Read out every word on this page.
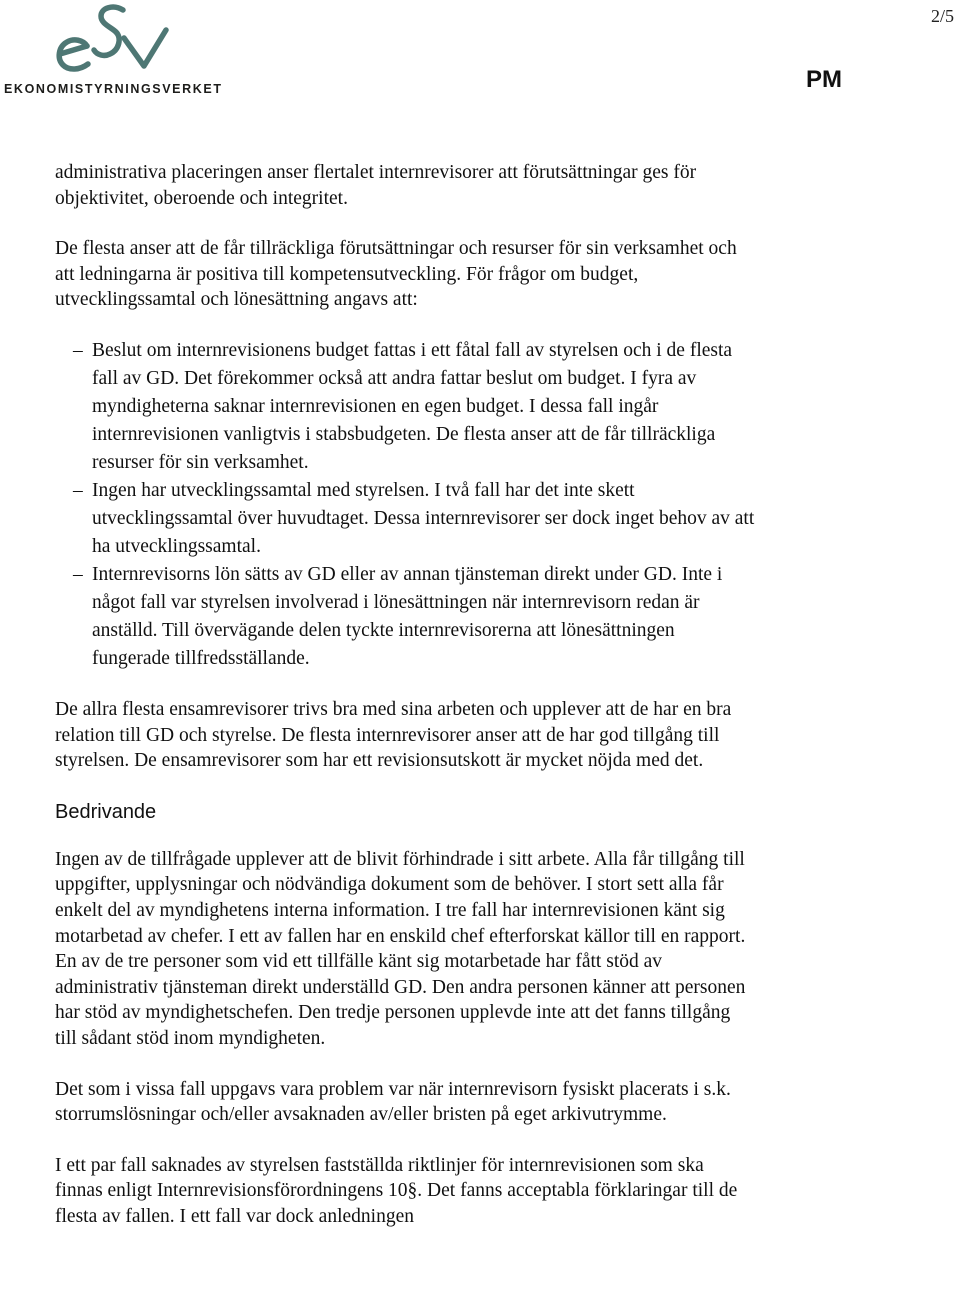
EKONOMISTYRNINGSVERKET
2/5
PM

administrativa placeringen anser flertalet internrevisorer att förutsättningar ges för objektivitet, oberoende och integritet.

De flesta anser att de får tillräckliga förutsättningar och resurser för sin verksamhet och att ledningarna är positiva till kompetensutveckling. För frågor om budget, utvecklingssamtal och lönesättning angavs att:

– Beslut om internrevisionens budget fattas i ett fåtal fall av styrelsen och i de flesta fall av GD. Det förekommer också att andra fattar beslut om budget. I fyra av myndigheterna saknar internrevisionen en egen budget. I dessa fall ingår internrevisionen vanligtvis i stabsbudgeten. De flesta anser att de får tillräckliga resurser för sin verksamhet.
– Ingen har utvecklingssamtal med styrelsen. I två fall har det inte skett utvecklingssamtal över huvudtaget. Dessa internrevisorer ser dock inget behov av att ha utvecklingssamtal.
– Internrevisorns lön sätts av GD eller av annan tjänsteman direkt under GD. Inte i något fall var styrelsen involverad i lönesättningen när internrevisorn redan är anställd. Till övervägande delen tyckte internrevisorerna att lönesättningen fungerade tillfredsställande.

De allra flesta ensamrevisorer trivs bra med sina arbeten och upplever att de har en bra relation till GD och styrelse. De flesta internrevisorer anser att de har god tillgång till styrelsen. De ensamrevisorer som har ett revisionsutskott är mycket nöjda med det.

Bedrivande

Ingen av de tillfrågade upplever att de blivit förhindrade i sitt arbete. Alla får tillgång till uppgifter, upplysningar och nödvändiga dokument som de behöver. I stort sett alla får enkelt del av myndighetens interna information. I tre fall har internrevisionen känt sig motarbetad av chefer. I ett av fallen har en enskild chef efterforskat källor till en rapport. En av de tre personer som vid ett tillfälle känt sig motarbetade har fått stöd av administrativ tjänsteman direkt underställd GD. Den andra personen känner att personen har stöd av myndighetschefen. Den tredje personen upplevde inte att det fanns tillgång till sådant stöd inom myndigheten.

Det som i vissa fall uppgavs vara problem var när internrevisorn fysiskt placerats i s.k. storrumslösningar och/eller avsaknaden av/eller bristen på eget arkivutrymme.

I ett par fall saknades av styrelsen fastställda riktlinjer för internrevisionen som ska finnas enligt Internrevisionsförordningens 10§. Det fanns acceptabla förklaringar till de flesta av fallen. I ett fall var dock anledningen
